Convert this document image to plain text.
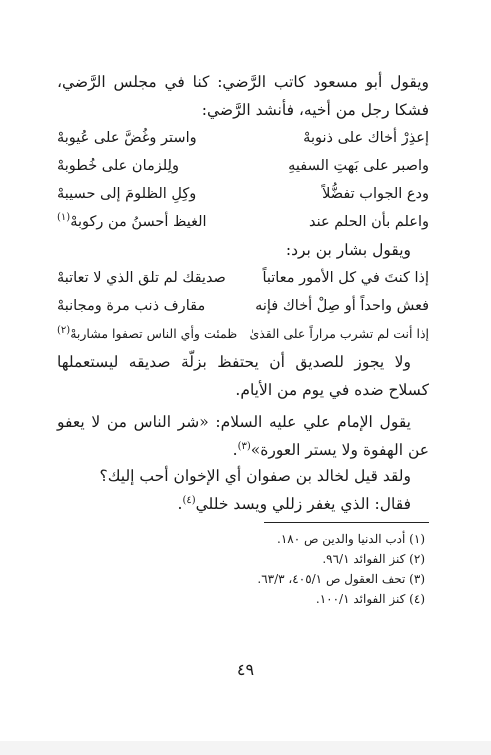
ويقول أبو مسعود كاتب الرَّضي: كنا في مجلس الرَّضي، فشكا رجل من أخيه، فأنشد الرَّضي:
إعذِرْ أخاك على ذنوبهْ
واستر وغُضَّ على عُيوبهْ
واصبر على بَهتِ السفيهِ
ولِلزمان على خُطوبهْ
ودع الجواب تفضُّلاً
وكِلِ الظلومَ إلى حسيبهْ
واعلم بأن الحلم عند
الغيظ أحسنُ من ركوبهْ$^{(١)}$
ويقول بشار بن برد:
إذا كنتَ في كل الأمور معاتباً
صديقك لم تلق الذي لا تعاتبهْ
فعش واحداً أو صِلْ أخاك فإنه
مقارف ذنب مرة ومجانبهْ
إذا أنت لم تشرب مراراً على القذىٰ
ظمئت وأي الناس تصفوا مشاربهْ$^{(٢)}$
ولا يجوز للصديق أن يحتفظ بزلّة صديقه ليستعملها كسلاح ضده في يوم من الأيام.
يقول الإمام علي عليه السلام: «شر الناس من لا يعفو عن الهفوة ولا يستر العورة»$^{(٣)}$.
ولقد قيل لخالد بن صفوان أي الإخوان أحب إليك؟
فقال: الذي يغفر زللي ويسد خللي$^{(٤)}$.
(١) أدب الدنيا والدين ص ١٨٠.
(٢) كنز الفوائد ٩٦/١.
(٣) تحف العقول ص ٤٠٥/١، ٦٣/٣.
(٤) كنز الفوائد ١٠٠/١.
٤٩
